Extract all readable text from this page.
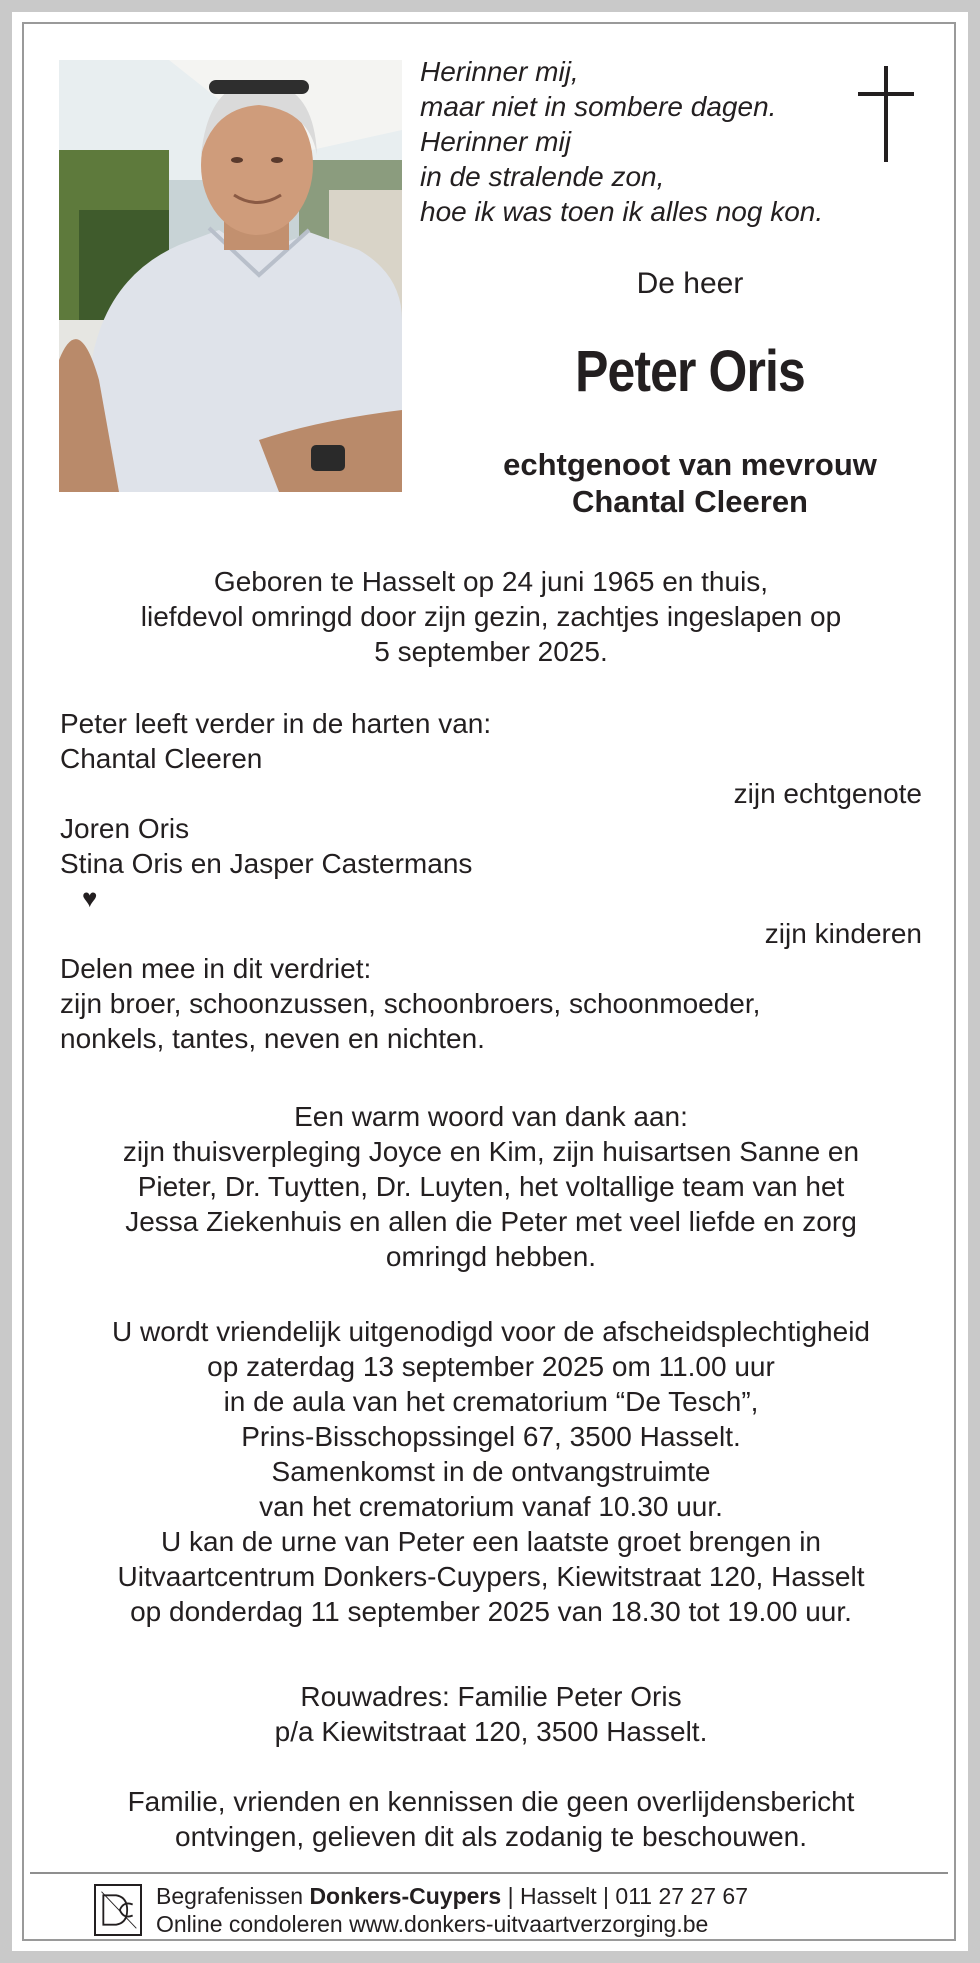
Herinner mij,
maar niet in sombere dagen.
Herinner mij
in de stralende zon,
hoe ik was toen ik alles nog kon.
De heer
Peter Oris
echtgenoot van mevrouw
Chantal Cleeren
Geboren te Hasselt op 24 juni 1965 en thuis,
liefdevol omringd door zijn gezin, zachtjes ingeslapen op
5 september 2025.
Peter leeft verder in de harten van:
Chantal Cleeren
zijn echtgenote
Joren Oris
Stina Oris en Jasper Castermans
♥
zijn kinderen
Delen mee in dit verdriet:
zijn broer, schoonzussen, schoonbroers, schoonmoeder,
nonkels, tantes, neven en nichten.
Een warm woord van dank aan:
zijn thuisverpleging Joyce en Kim, zijn huisartsen Sanne en
Pieter, Dr. Tuytten, Dr. Luyten, het voltallige team van het
Jessa Ziekenhuis en allen die Peter met veel liefde en zorg
omringd hebben.
U wordt vriendelijk uitgenodigd voor de afscheidsplechtigheid
op zaterdag 13 september 2025 om 11.00 uur
in de aula van het crematorium “De Tesch”,
Prins-Bisschopssingel 67, 3500 Hasselt.
Samenkomst in de ontvangstruimte
van het crematorium vanaf 10.30 uur.
U kan de urne van Peter een laatste groet brengen in
Uitvaartcentrum Donkers-Cuypers, Kiewitstraat 120, Hasselt
op donderdag 11 september 2025 van 18.30 tot 19.00 uur.
Rouwadres: Familie Peter Oris
p/a Kiewitstraat 120, 3500 Hasselt.
Familie, vrienden en kennissen die geen overlijdensbericht
ontvingen, gelieven dit als zodanig te beschouwen.
Begrafenissen Donkers-Cuypers | Hasselt | 011 27 27 67
Online condoleren www.donkers-uitvaartverzorging.be
